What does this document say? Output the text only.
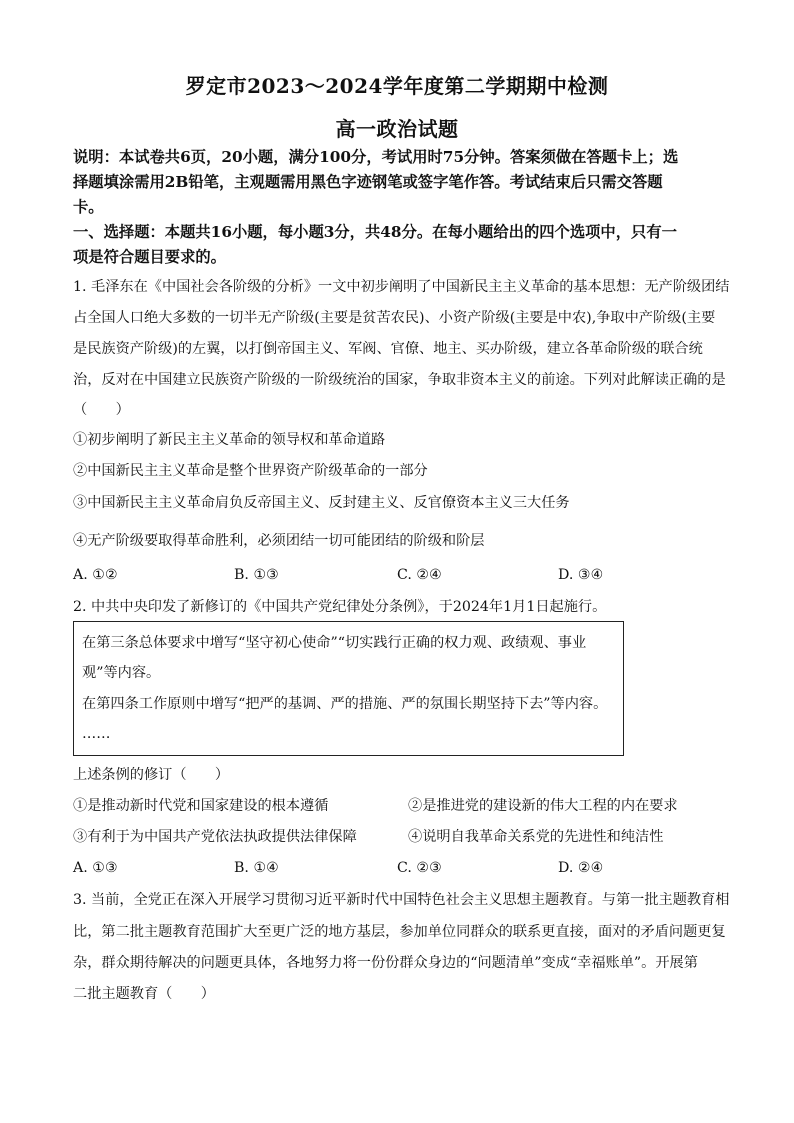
罗定市2023～2024学年度第二学期期中检测
高一政治试题
说明：本试卷共6页，20小题，满分100分，考试用时75分钟。答案须做在答题卡上；选
择题填涂需用2B铅笔，主观题需用黑色字迹钢笔或签字笔作答。考试结束后只需交答题
卡。
一、选择题：本题共16小题，每小题3分，共48分。在每小题给出的四个选项中，只有一
项是符合题目要求的。
1. 毛泽东在《中国社会各阶级的分析》一文中初步阐明了中国新民主主义革命的基本思想：无产阶级团结
占全国人口绝大多数的一切半无产阶级(主要是贫苦农民)、小资产阶级(主要是中农),争取中产阶级(主要
是民族资产阶级)的左翼，以打倒帝国主义、军阀、官僚、地主、买办阶级，建立各革命阶级的联合统
治，反对在中国建立民族资产阶级的一阶级统治的国家，争取非资本主义的前途。下列对此解读正确的是
（　　）
①初步阐明了新民主主义革命的领导权和革命道路
②中国新民主主义革命是整个世界资产阶级革命的一部分
③中国新民主主义革命肩负反帝国主义、反封建主义、反官僚资本主义三大任务
④无产阶级要取得革命胜利，必须团结一切可能团结的阶级和阶层
A. ①②	B. ①③	C. ②④	D. ③④
2. 中共中央印发了新修订的《中国共产党纪律处分条例》，于2024年1月1日起施行。
在第三条总体要求中增写“坚守初心使命”“切实践行正确的权力观、政绩观、事业
观”等内容。
在第四条工作原则中增写“把严的基调、严的措施、严的氛围长期坚持下去”等内容。
……
上述条例的修订（　　）
①是推动新时代党和国家建设的根本遵循	②是推进党的建设新的伟大工程的内在要求
③有利于为中国共产党依法执政提供法律保障	④说明自我革命关系党的先进性和纯洁性
A. ①③	B. ①④	C. ②③	D. ②④
3. 当前，全党正在深入开展学习贯彻习近平新时代中国特色社会主义思想主题教育。与第一批主题教育相
比，第二批主题教育范围扩大至更广泛的地方基层，参加单位同群众的联系更直接，面对的矛盾问题更复
杂，群众期待解决的问题更具体，各地努力将一份份群众身边的“问题清单”变成“幸福账单”。开展第
二批主题教育（　　）
